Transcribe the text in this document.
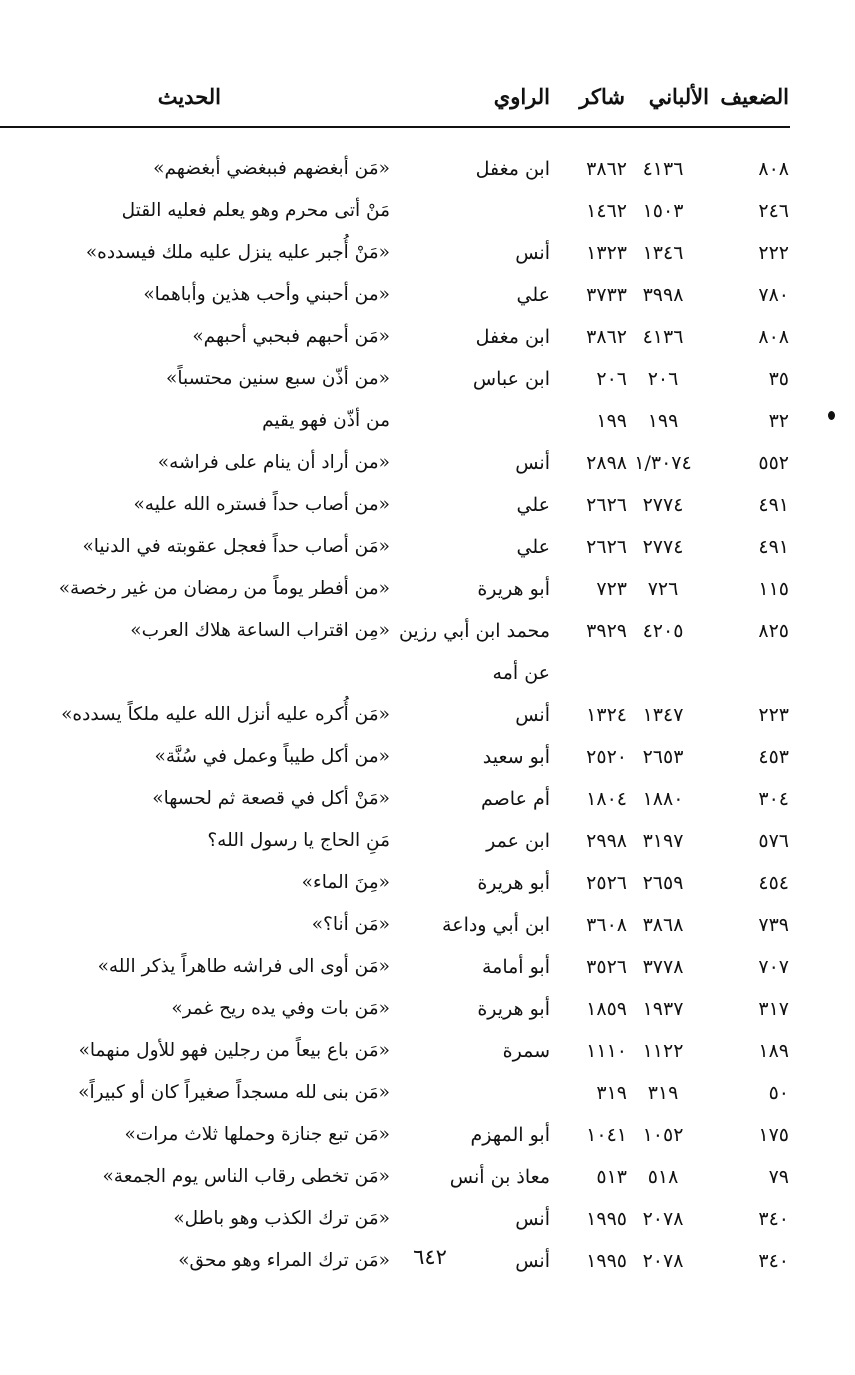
الضعيف
الألباني
شاكر
الراوي
الحديث
٨٠٨
٤١٣٦
٣٨٦٢
ابن مغفل
«مَن أبغضهم فببغضي أبغضهم»
٢٤٦
١٥٠٣
١٤٦٢
مَنْ أتى محرم وهو يعلم فعليه القتل
٢٢٢
١٣٤٦
١٣٢٣
أنس
«مَنْ أُجبر عليه ينزل عليه ملك فيسدده»
٧٨٠
٣٩٩٨
٣٧٣٣
علي
«من أحبني وأحب هذين وأباهما»
٨٠٨
٤١٣٦
٣٨٦٢
ابن مغفل
«مَن أحبهم فبحبي أحبهم»
٣٥
٢٠٦
٢٠٦
ابن عباس
«من أذّن سبع سنين محتسباً»
٣٢
١٩٩
١٩٩
من أذّن فهو يقيم
٥٥٢
١/٣٠٧٤
٢٨٩٨
أنس
«من أراد أن ينام على فراشه»
٤٩١
٢٧٧٤
٢٦٢٦
علي
«من أصاب حداً فستره الله عليه»
٤٩١
٢٧٧٤
٢٦٢٦
علي
«مَن أصاب حداً فعجل عقوبته في الدنيا»
١١٥
٧٢٦
٧٢٣
أبو هريرة
«من أفطر يوماً من رمضان من غير رخصة»
٨٢٥
٤٢٠٥
٣٩٢٩
محمد ابن أبي رزين
«مِن اقتراب الساعة هلاك العرب»
عن أمه
٢٢٣
١٣٤٧
١٣٢٤
أنس
«مَن أُكره عليه أنزل الله عليه ملكاً يسدده»
٤٥٣
٢٦٥٣
٢٥٢٠
أبو سعيد
«من أكل طيباً وعمل في سُنَّة»
٣٠٤
١٨٨٠
١٨٠٤
أم عاصم
«مَنْ أكل في قصعة ثم لحسها»
٥٧٦
٣١٩٧
٢٩٩٨
ابن عمر
مَنِ الحاج يا رسول الله؟
٤٥٤
٢٦٥٩
٢٥٢٦
أبو هريرة
«مِنَ الماء»
٧٣٩
٣٨٦٨
٣٦٠٨
ابن أبي وداعة
«مَن أنا؟»
٧٠٧
٣٧٧٨
٣٥٢٦
أبو أمامة
«مَن أوى الى فراشه طاهراً يذكر الله»
٣١٧
١٩٣٧
١٨٥٩
أبو هريرة
«مَن بات وفي يده ريح غمر»
١٨٩
١١٢٢
١١١٠
سمرة
«مَن باع بيعاً من رجلين فهو للأول منهما»
٥٠
٣١٩
٣١٩
«مَن بنى لله مسجداً صغيراً كان أو كبيراً»
١٧٥
١٠٥٢
١٠٤١
أبو المهزم
«مَن تبع جنازة وحملها ثلاث مرات»
٧٩
٥١٨
٥١٣
معاذ بن أنس
«مَن تخطى رقاب الناس يوم الجمعة»
٣٤٠
٢٠٧٨
١٩٩٥
أنس
«مَن ترك الكذب وهو باطل»
٣٤٠
٢٠٧٨
١٩٩٥
أنس
«مَن ترك المراء وهو محق»	٦٤٢
